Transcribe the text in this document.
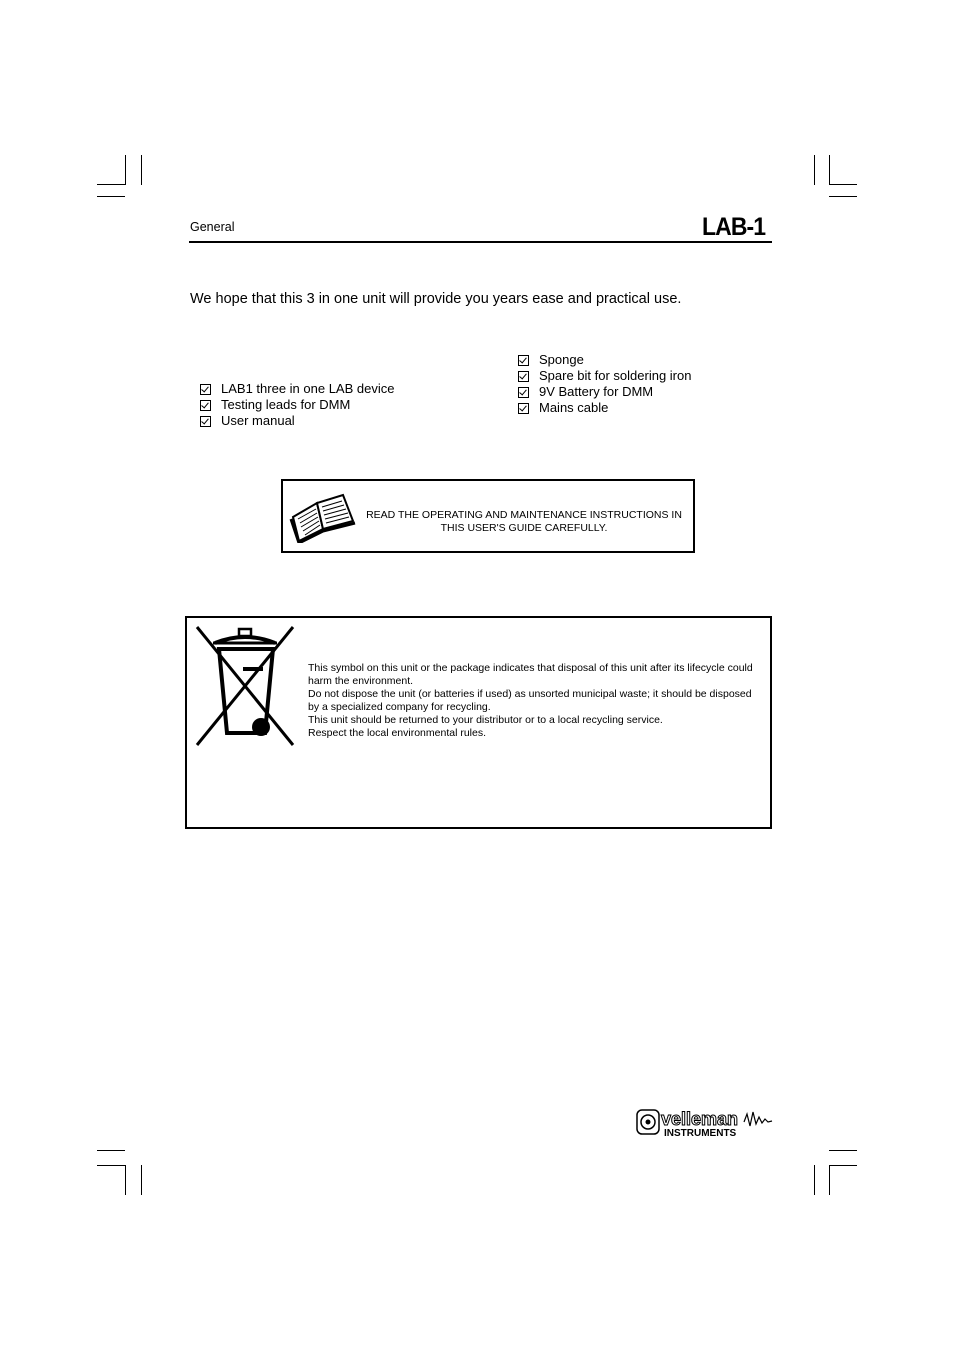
General	LAB-1
We hope that this 3 in one unit will provide you years ease and practical use.
LAB1 three in one LAB device
Testing leads for DMM
User manual
Sponge
Spare bit for soldering iron
9V Battery for DMM
Mains cable
READ THE OPERATING AND MAINTENANCE INSTRUCTIONS IN
THIS USER'S GUIDE CAREFULLY.

This symbol on this unit or the package indicates that disposal of this unit after its lifecycle could harm the environment.

Do not dispose the unit (or batteries if used) as unsorted municipal waste; it should be disposed by a specialized company for recycling.

This unit should be returned to your distributor or to a local recycling service.

Respect the local environmental rules.

velleman
INSTRUMENTS
